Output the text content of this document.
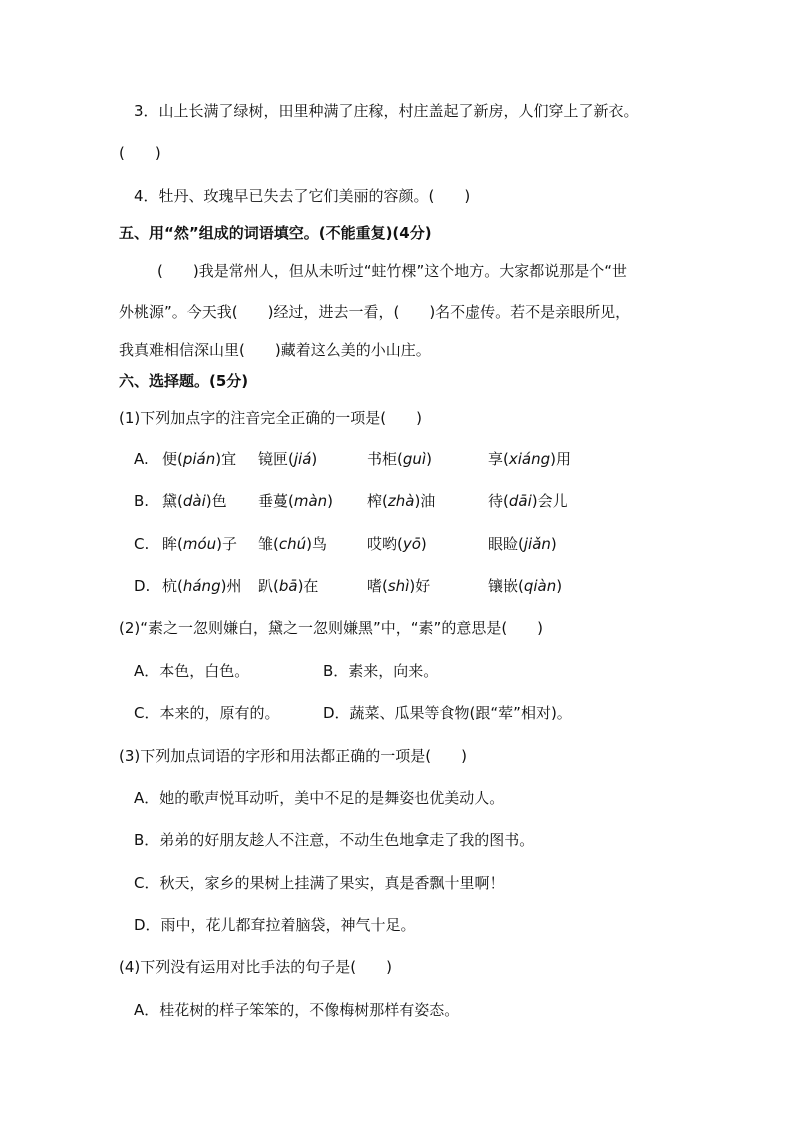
3．山上长满了绿树，田里种满了庄稼，村庄盖起了新房，人们穿上了新衣。
(　　)
4．牡丹、玫瑰早已失去了它们美丽的容颜。(　　)
五、用“然”组成的词语填空。(不能重复)(4分)
(　　)我是常州人，但从未听过“蛀竹棵”这个地方。大家都说那是个“世
外桃源”。今天我(　　)经过，进去一看，(　　)名不虚传。若不是亲眼所见，
我真难相信深山里(　　)藏着这么美的小山庄。
六、选择题。(5分)
(1)下列加点字的注音完全正确的一项是(　　)
A. 便(pián)宜 镜匣(jiá)	书柜(guì)	享(xiáng)用
B. 黛(dài)色 垂蔓(màn) 榨(zhà)油	待(dāi)会儿
C. 眸(móu)子 雏(chú)鸟	哎哟(yō)	眼睑(jiǎn)
D. 杭(háng)州 趴(bā)在	嗜(shì)好	镶嵌(qiàn)
(2)“素之一忽则嫌白，黛之一忽则嫌黑”中，“素”的意思是(　　)
A．本色，白色。	B．素来，向来。
C．本来的，原有的。	D．蔬菜、瓜果等食物(跟“荤”相对)。
(3)下列加点词语的字形和用法都正确的一项是(　　)
A．她的歌声悦耳动听，美中不足的是舞姿也优美动人。
B．弟弟的好朋友趁人不注意，不动生色地拿走了我的图书。
C．秋天，家乡的果树上挂满了果实，真是香飘十里啊！
D．雨中，花儿都耷拉着脑袋，神气十足。
(4)下列没有运用对比手法的句子是(　　)
A．桂花树的样子笨笨的，不像梅树那样有姿态。
